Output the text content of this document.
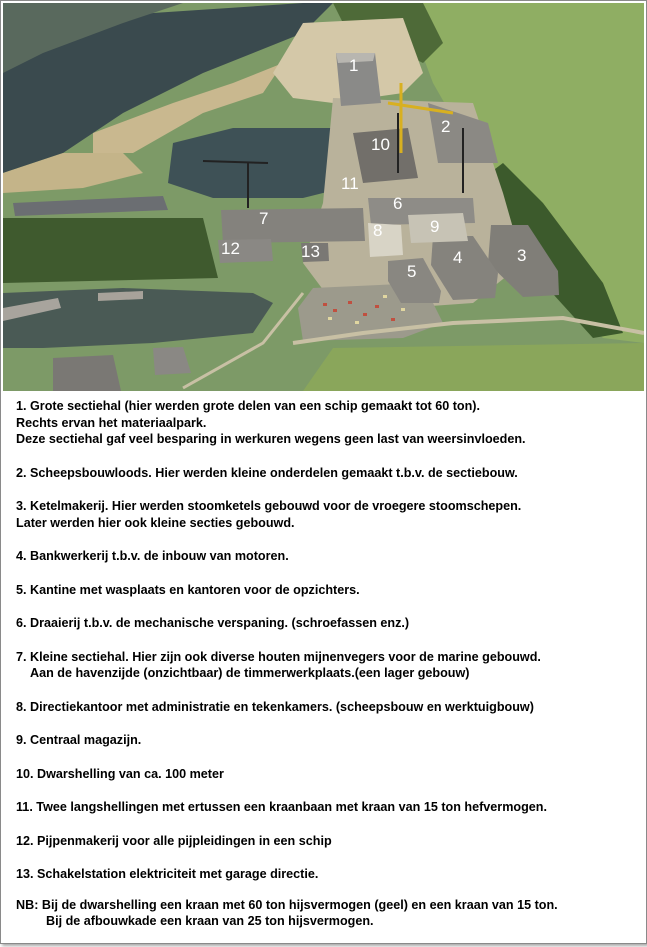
1
2
3
4
5
6
7
8	9
10
11
12	13
1. Grote sectiehal (hier werden grote delen van een schip gemaakt tot 60 ton).
Rechts ervan het materiaalpark.
Deze sectiehal gaf veel besparing in werkuren wegens geen last van weersinvloeden.
2. Scheepsbouwloods. Hier werden kleine onderdelen gemaakt t.b.v. de sectiebouw.
3. Ketelmakerij. Hier werden stoomketels gebouwd voor de vroegere stoomschepen.
Later werden hier ook kleine secties gebouwd.
4. Bankwerkerij t.b.v. de inbouw van motoren.
5. Kantine met wasplaats en kantoren voor de opzichters.
6. Draaierij t.b.v. de mechanische verspaning. (schroefassen enz.)
7. Kleine sectiehal. Hier zijn ook diverse houten mijnenvegers voor de marine gebouwd.
Aan de havenzijde (onzichtbaar) de timmerwerkplaats.(een lager gebouw)
8. Directiekantoor met administratie en tekenkamers. (scheepsbouw en werktuigbouw)
9. Centraal magazijn.
10. Dwarshelling van ca. 100 meter
11. Twee langshellingen met ertussen een kraanbaan met kraan van 15 ton hefvermogen.
12. Pijpenmakerij voor alle pijpleidingen in een schip
13. Schakelstation elektriciteit met garage directie.
NB: Bij de dwarshelling een kraan met 60 ton hijsvermogen (geel) en een kraan van 15 ton.
Bij de afbouwkade een kraan van 25 ton hijsvermogen.
